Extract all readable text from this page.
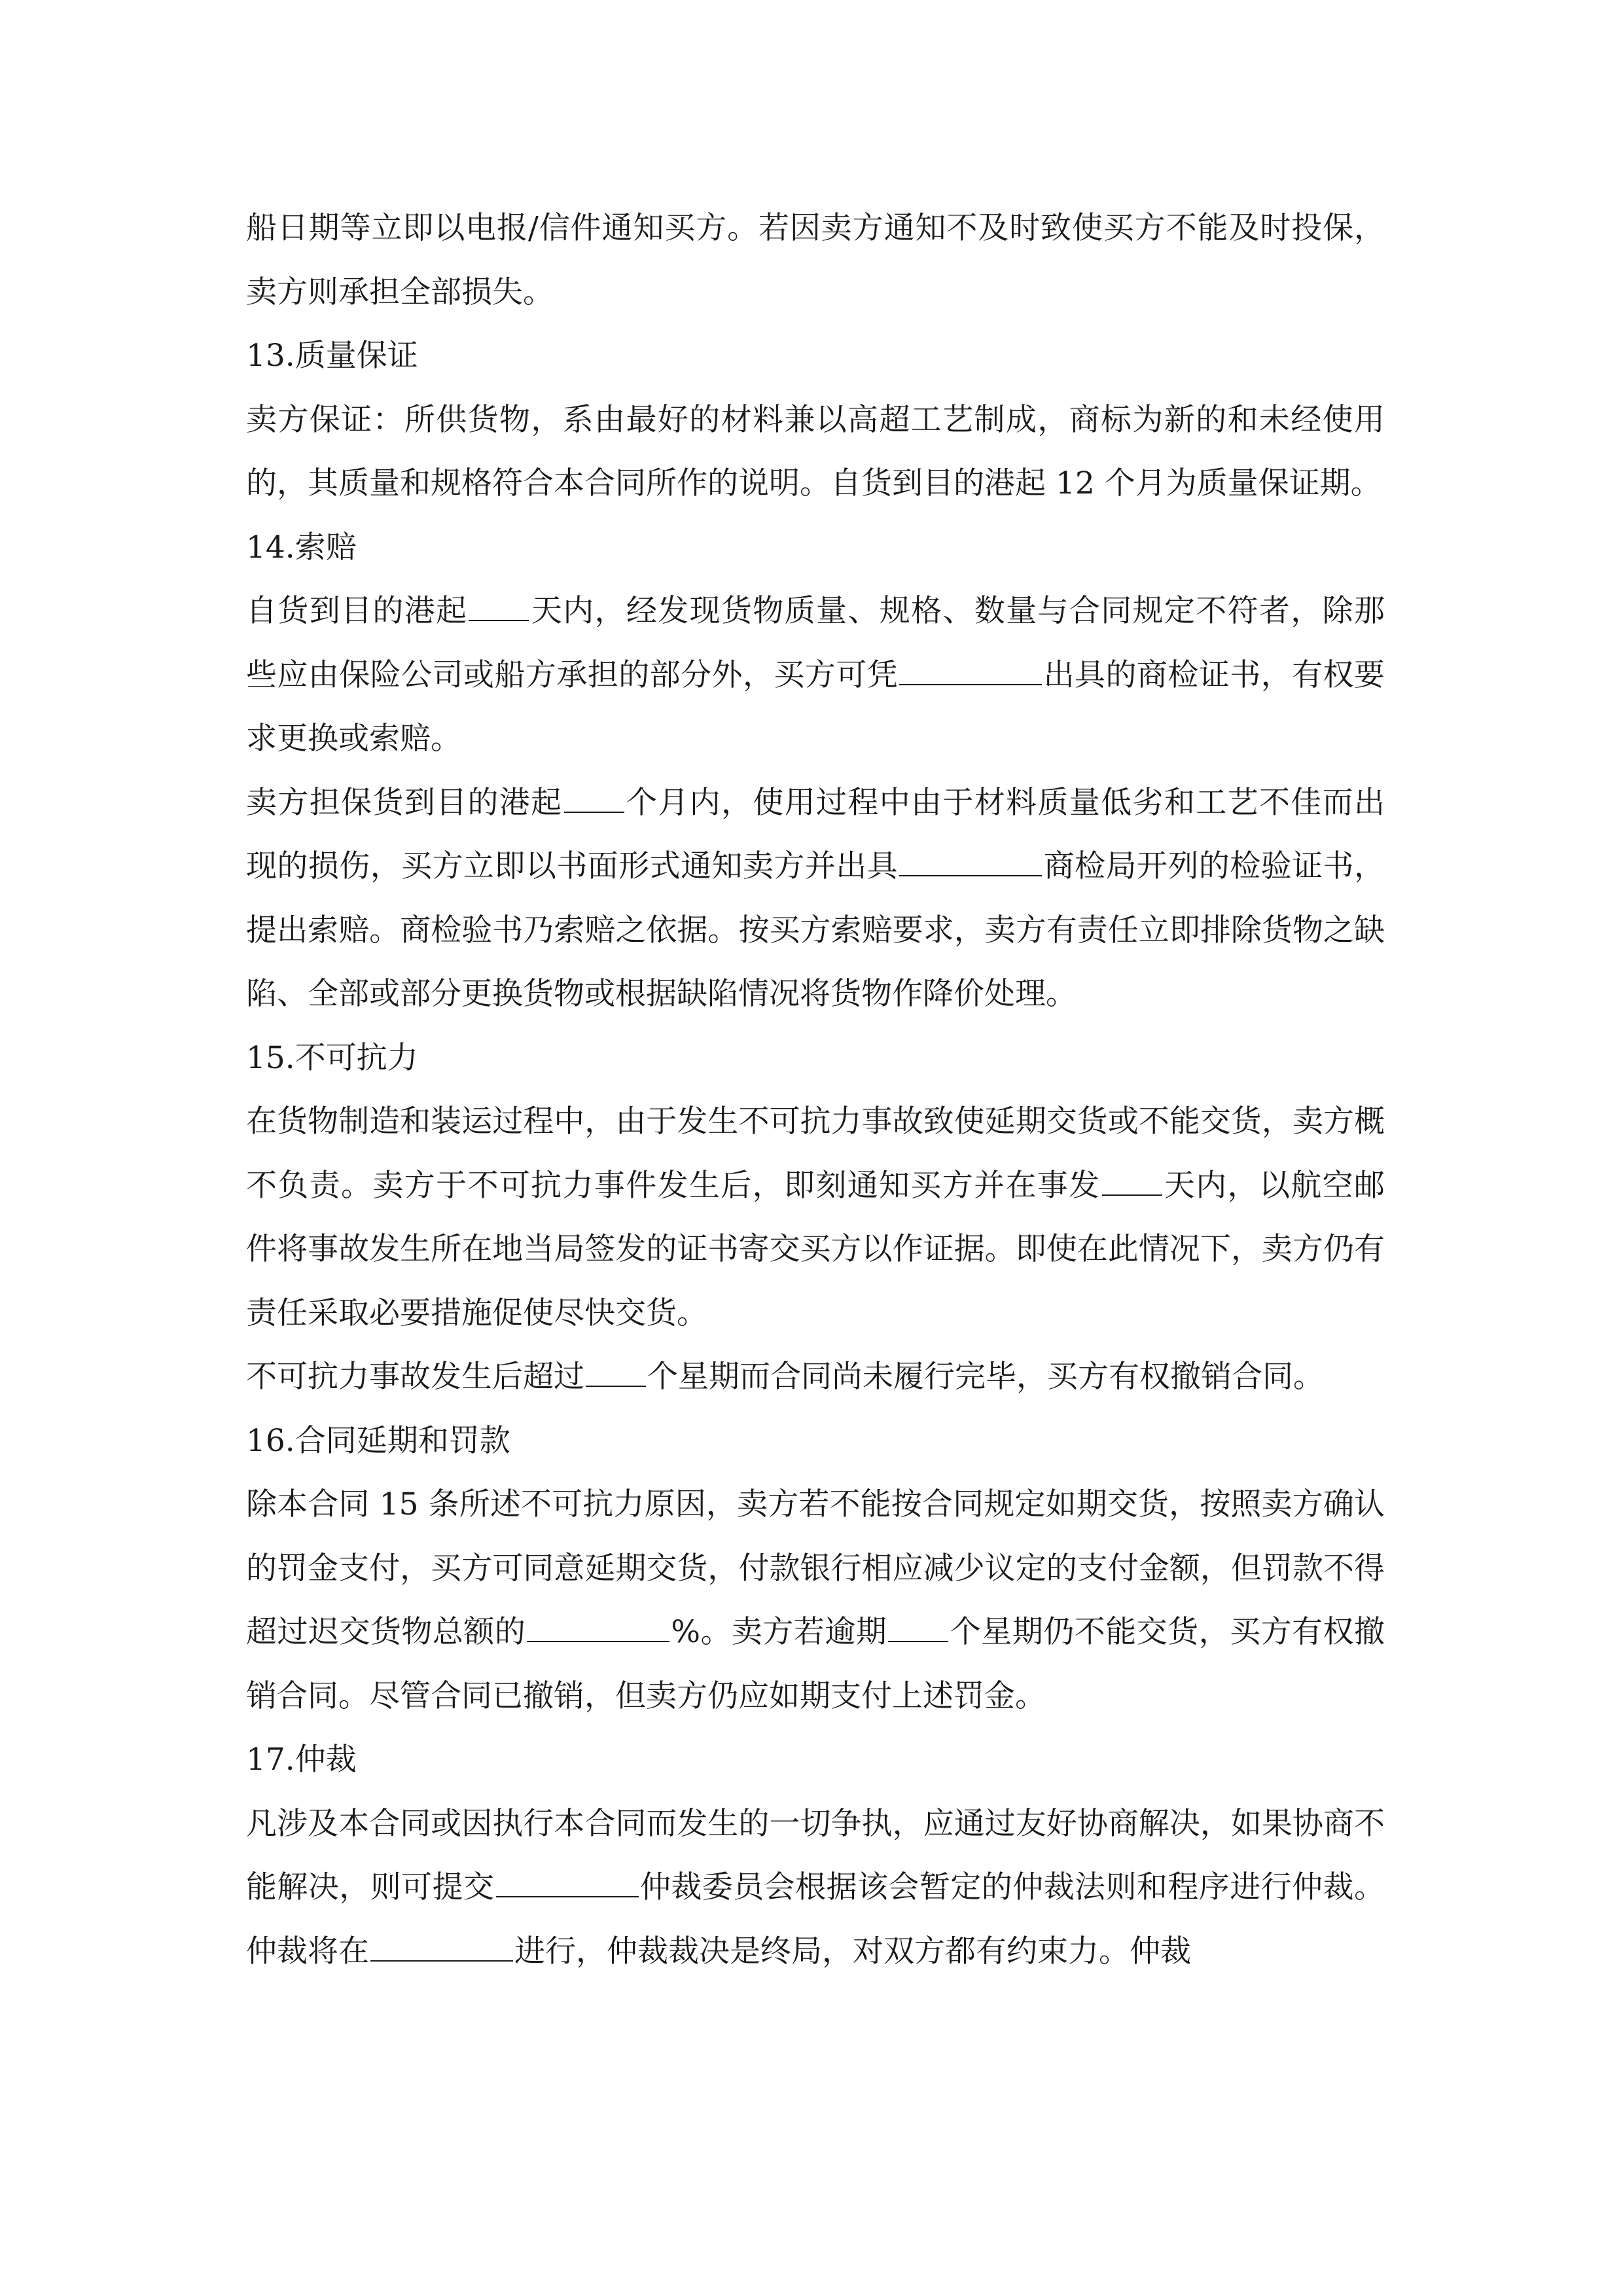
船日期等立即以电报/信件通知买方。若因卖方通知不及时致使买方不能及时投保，卖方则承担全部损失。

13.质量保证

卖方保证：所供货物，系由最好的材料兼以高超工艺制成，商标为新的和未经使用的，其质量和规格符合本合同所作的说明。自货到目的港起 12 个月为质量保证期。

14.索赔

自货到目的港起 天内，经发现货物质量、规格、数量与合同规定不符者，除那些应由保险公司或船方承担的部分外，买方可凭	出具的商检证书，有权要求更换或索赔。

卖方担保货到目的港起 个月内，使用过程中由于材料质量低劣和工艺不佳而出现的损伤，买方立即以书面形式通知卖方并出具	商检局开列的检验证书，提出索赔。商检验书乃索赔之依据。按买方索赔要求，卖方有责任立即排除货物之缺陷、全部或部分更换货物或根据缺陷情况将货物作降价处理。

15.不可抗力

在货物制造和装运过程中，由于发生不可抗力事故致使延期交货或不能交货，卖方概不负责。卖方于不可抗力事件发生后，即刻通知买方并在事发 天内，以航空邮件将事故发生所在地当局签发的证书寄交买方以作证据。即使在此情况下，卖方仍有责任采取必要措施促使尽快交货。

不可抗力事故发生后超过 个星期而合同尚未履行完毕，买方有权撤销合同。

16.合同延期和罚款

除本合同 15 条所述不可抗力原因，卖方若不能按合同规定如期交货，按照卖方确认的罚金支付，买方可同意延期交货，付款银行相应减少议定的支付金额，但罚款不得超过迟交货物总额的	%。卖方若逾期 个星期仍不能交货，买方有权撤销合同。尽管合同已撤销，但卖方仍应如期支付上述罚金。

17.仲裁

凡涉及本合同或因执行本合同而发生的一切争执，应通过友好协商解决，如果协商不能解决，则可提交	仲裁委员会根据该会暂定的仲裁法则和程序进行仲裁。仲裁将在	进行，仲裁裁决是终局，对双方都有约束力。仲裁
